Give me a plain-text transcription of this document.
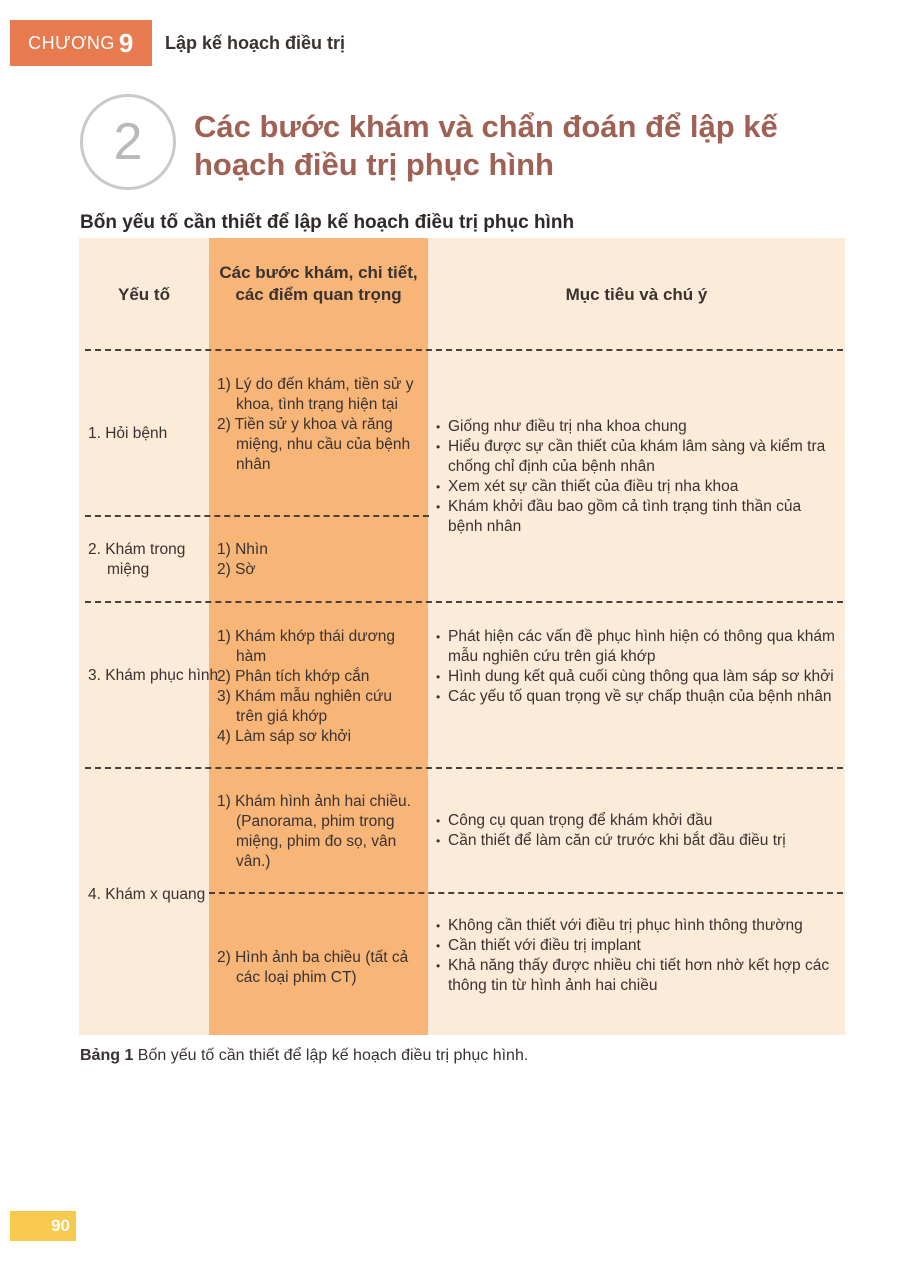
CHƯƠNG 9 Lập kế hoạch điều trị
2	Các bước khám và chẩn đoán để lập kế hoạch điều trị phục hình
Bốn yếu tố cần thiết để lập kế hoạch điều trị phục hình
Yếu tố
Các bước khám, chi tiết, các điểm quan trọng	Mục tiêu và chú ý
1. Hỏi bệnh
1) Lý do đến khám, tiền sử y khoa, tình trạng hiện tại
2) Tiền sử y khoa và răng miệng, nhu cầu của bệnh nhân
2. Khám trong miệng
1) Nhìn
2) Sờ
• Giống như điều trị nha khoa chung
• Hiểu được sự cần thiết của khám lâm sàng và kiểm tra chống chỉ định của bệnh nhân
• Xem xét sự cần thiết của điều trị nha khoa
• Khám khởi đầu bao gồm cả tình trạng tinh thần của bệnh nhân
3. Khám phục hình
1) Khám khớp thái dương hàm
2) Phân tích khớp cắn
3) Khám mẫu nghiên cứu trên giá khớp
4) Làm sáp sơ khởi
• Phát hiện các vấn đề phục hình hiện có thông qua khám mẫu nghiên cứu trên giá khớp
• Hình dung kết quả cuối cùng thông qua làm sáp sơ khởi
• Các yếu tố quan trọng về sự chấp thuận của bệnh nhân
4. Khám x quang
1) Khám hình ảnh hai chiều. (Panorama, phim trong miệng, phim đo sọ, vân vân.)
• Công cụ quan trọng để khám khởi đầu
• Cần thiết để làm căn cứ trước khi bắt đầu điều trị
2) Hình ảnh ba chiều (tất cả các loại phim CT)
• Không cần thiết với điều trị phục hình thông thường
• Cần thiết với điều trị implant
• Khả năng thấy được nhiều chi tiết hơn nhờ kết hợp các thông tin từ hình ảnh hai chiều
Bảng 1 Bốn yếu tố cần thiết để lập kế hoạch điều trị phục hình.
90
